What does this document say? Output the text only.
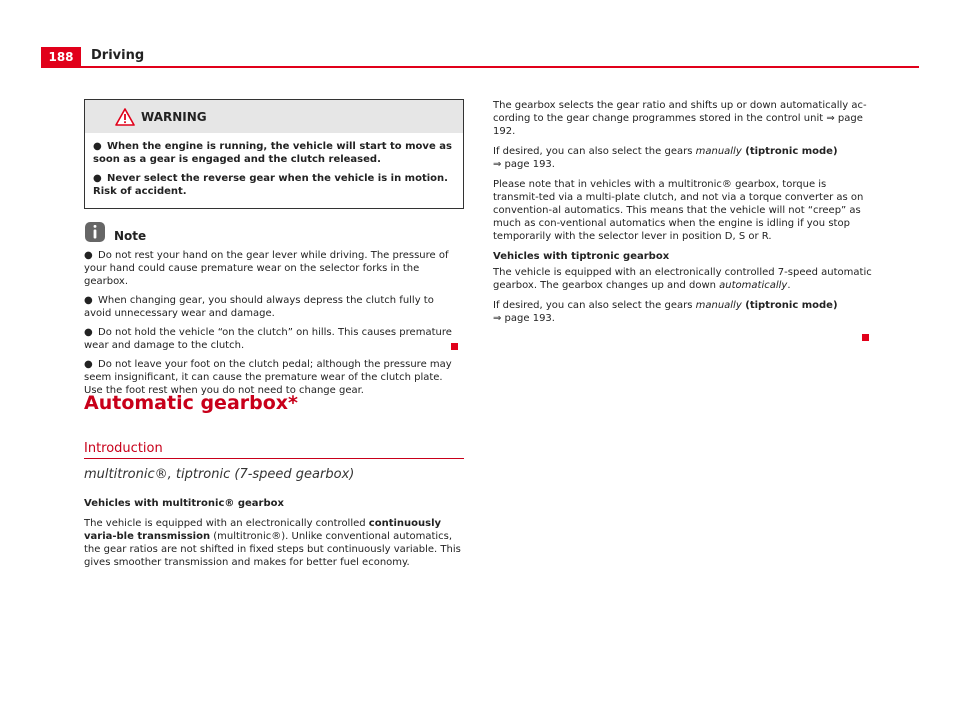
188	Driving
WARNING
● When the engine is running, the vehicle will start to move as soon as a gear is engaged and the clutch released.
● Never select the reverse gear when the vehicle is in motion. Risk of accident.
Note
● Do not rest your hand on the gear lever while driving. The pressure of your hand could cause premature wear on the selector forks in the gearbox.
● When changing gear, you should always depress the clutch fully to avoid unnecessary wear and damage.
● Do not hold the vehicle “on the clutch” on hills. This causes premature wear and damage to the clutch.
● Do not leave your foot on the clutch pedal; although the pressure may seem insignificant, it can cause the premature wear of the clutch plate. Use the foot rest when you do not need to change gear.
Automatic gearbox*
Introduction
multitronic®, tiptronic (7-speed gearbox)

Vehicles with multitronic® gearbox

The vehicle is equipped with an electronically controlled continuously varia-ble transmission (multitronic®). Unlike conventional automatics, the gear ratios are not shifted in fixed steps but continuously variable. This gives smoother transmission and makes for better fuel economy.

The gearbox selects the gear ratio and shifts up or down automatically ac-cording to the gear change programmes stored in the control unit ⇒ page 192.

If desired, you can also select the gears manually (tiptronic mode)
⇒ page 193.

Please note that in vehicles with a multitronic® gearbox, torque is transmit-ted via a multi-plate clutch, and not via a torque converter as on convention-al automatics. This means that the vehicle will not “creep” as much as con-ventional automatics when the engine is idling if you stop temporarily with the selector lever in position D, S or R.

Vehicles with tiptronic gearbox

The vehicle is equipped with an electronically controlled 7-speed automatic gearbox. The gearbox changes up and down automatically.

If desired, you can also select the gears manually (tiptronic mode)
⇒ page 193.
